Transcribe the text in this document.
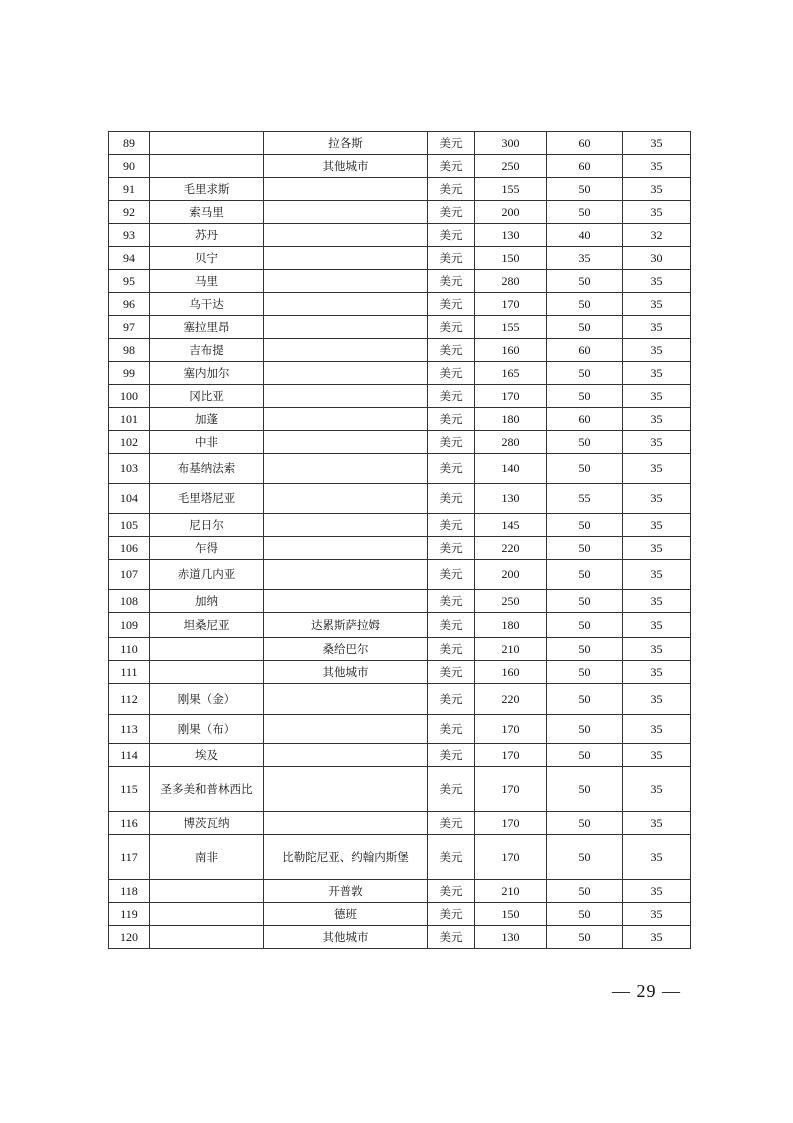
89		拉各斯	美元	300	60	35
90		其他城市	美元	250	60	35
91	毛里求斯		美元	155	50	35
92	索马里		美元	200	50	35
93	苏丹		美元	130	40	32
94	贝宁		美元	150	35	30
95	马里		美元	280	50	35
96	乌干达		美元	170	50	35
97	塞拉里昂		美元	155	50	35
98	吉布提		美元	160	60	35
99	塞内加尔		美元	165	50	35
100	冈比亚		美元	170	50	35
101	加蓬		美元	180	60	35
102	中非		美元	280	50	35
103	布基纳法索		美元	140	50	35
104	毛里塔尼亚		美元	130	55	35
105	尼日尔		美元	145	50	35
106	乍得		美元	220	50	35
107	赤道几内亚		美元	200	50	35
108	加纳		美元	250	50	35
109	坦桑尼亚	达累斯萨拉姆	美元	180	50	35
110		桑给巴尔	美元	210	50	35
111		其他城市	美元	160	50	35
112	刚果（金）		美元	220	50	35
113	刚果（布）		美元	170	50	35
114	埃及		美元	170	50	35
115	圣多美和普林西比		美元	170	50	35
116	博茨瓦纳		美元	170	50	35
117	南非	比勒陀尼亚、约翰内斯堡	美元	170	50	35
118		开普敦	美元	210	50	35
119		德班	美元	150	50	35
120		其他城市	美元	130	50	35
— 29 —
